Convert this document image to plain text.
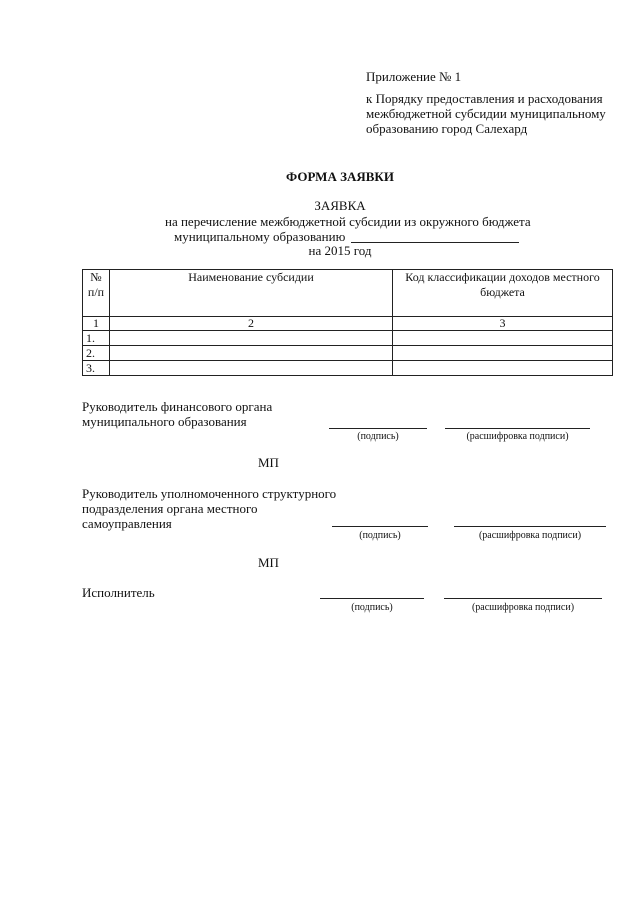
Приложение № 1
к Порядку предоставления и расходования
межбюджетной субсидии муниципальному
образованию город Салехард
ФОРМА ЗАЯВКИ
ЗАЯВКА
на перечисление межбюджетной субсидии из окружного бюджета
муниципальному образованию
на 2015 год
№ п/п	Наименование субсидии	Код классификации доходов местного бюджета
1	2	3
1.		
2.		
3.		
Руководитель финансового органа
муниципального образования
(подпись)	(расшифровка подписи)
МП
Руководитель уполномоченного структурного
подразделения органа местного
самоуправления
(подпись)	(расшифровка подписи)
МП
Исполнитель
(подпись)	(расшифровка подписи)
